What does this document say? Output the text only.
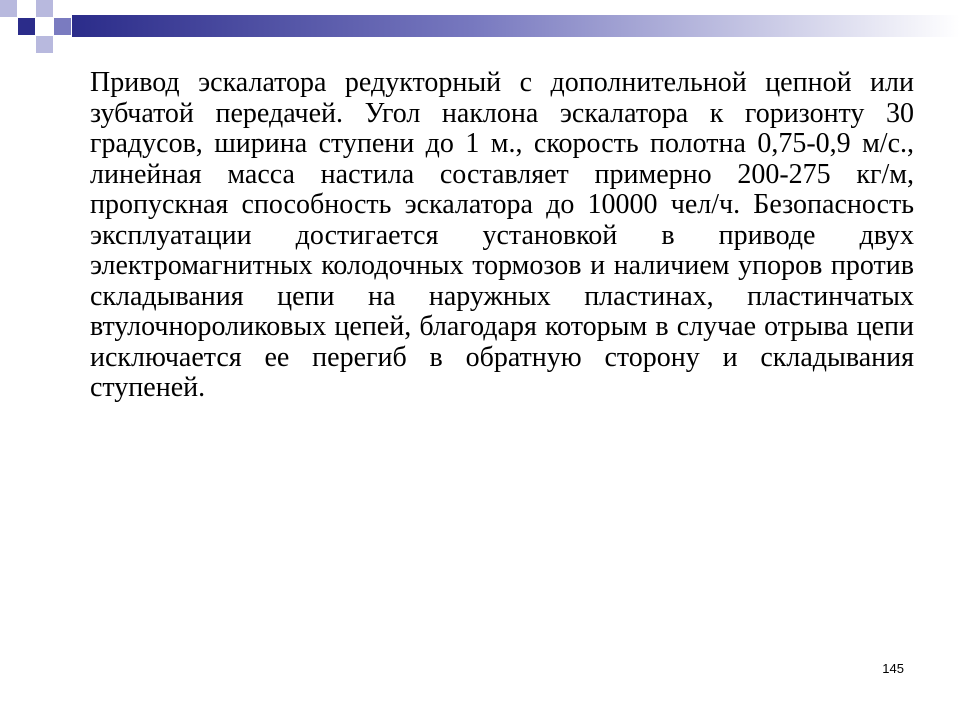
Привод эскалатора редукторный с дополнительной цепной или зубчатой передачей. Угол наклона эскалатора к горизонту 30 градусов, ширина ступени до 1 м., скорость полотна 0,75-0,9 м/с., линейная масса настила составляет примерно 200-275 кг/м, пропускная способность эскалатора до 10000 чел/ч. Безопасность эксплуатации достигается установкой в приводе двух электромагнитных колодочных тормозов и наличием упоров против складывания цепи на наружных пластинах, пластинчатых втулочнороликовых цепей, благодаря которым в случае отрыва цепи исключается ее перегиб в обратную сторону и складывания ступеней.

145
